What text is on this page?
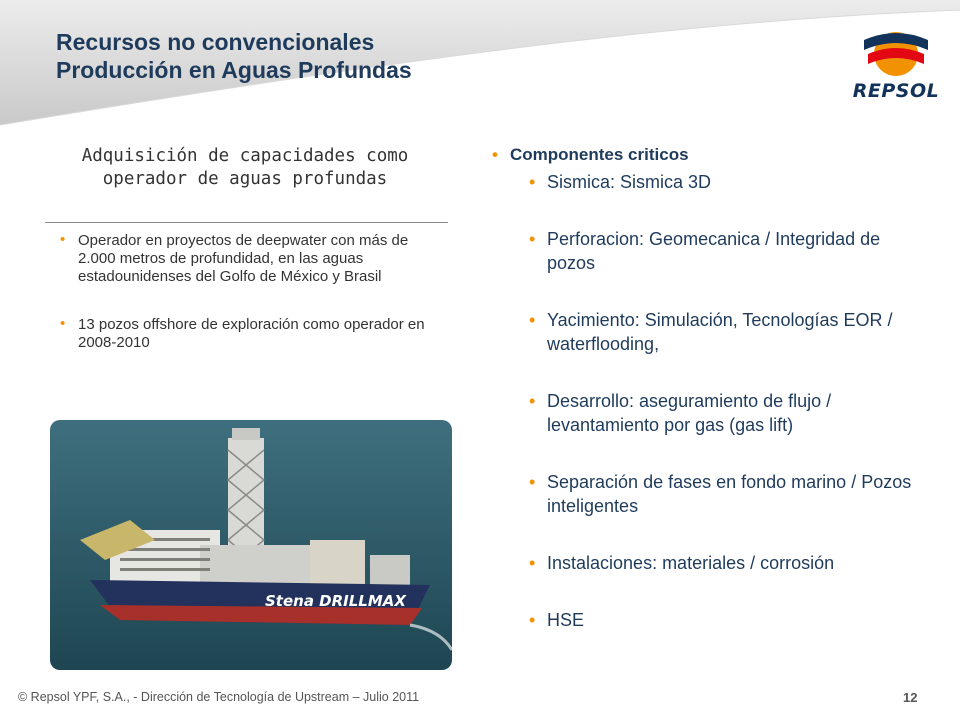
Recursos no convencionales
Producción en Aguas Profundas
REPSOL
Adquisición de capacidades como operador de aguas profundas
• Operador en proyectos de deepwater con más de 2.000 metros de profundidad, en las aguas estadounidenses del Golfo de México y Brasil
• 13 pozos offshore de exploración como operador en 2008-2010
Stena DRILLMAX
• Componentes criticos
• Sismica: Sismica 3D
• Perforacion: Geomecanica / Integridad de pozos
• Yacimiento: Simulación, Tecnologías EOR / waterflooding,
• Desarrollo: aseguramiento de flujo / levantamiento por gas (gas lift)
• Separación de fases en fondo marino / Pozos inteligentes
• Instalaciones: materiales / corrosión
• HSE
© Repsol YPF, S.A., - Dirección de Tecnología de Upstream – Julio 2011	12
